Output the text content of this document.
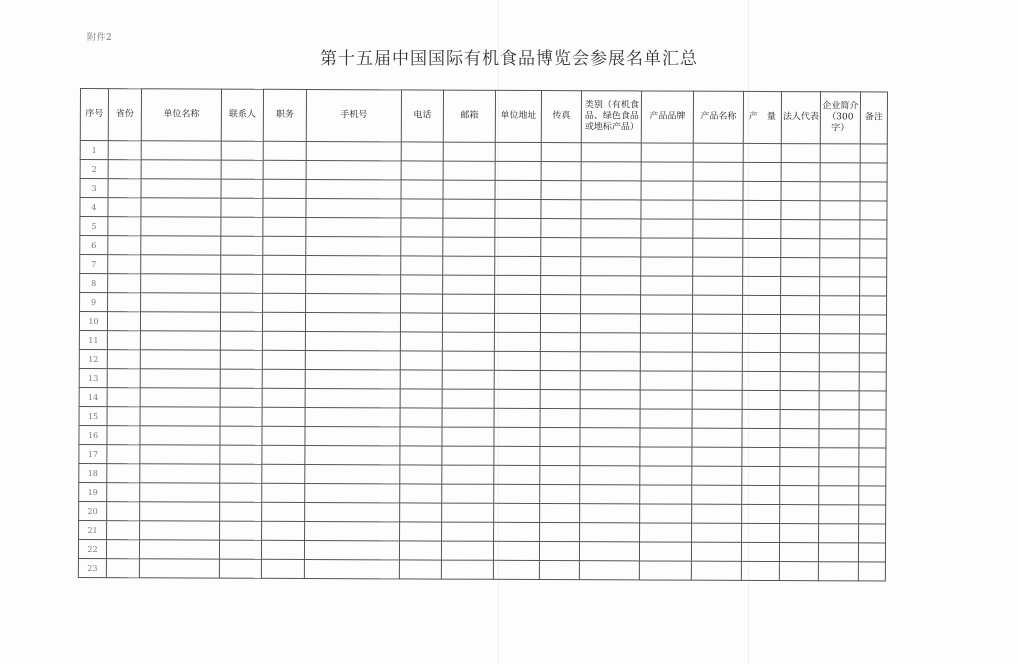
附件2
第十五届中国国际有机食品博览会参展名单汇总
序号	省份	单位名称	联系人	职务	手机号	电话	邮箱	单位地址	传真	类别（有机食品、绿色食品或地标产品）	产品品牌	产品名称	产　量	法人代表	企业简介（300字）	备注
1																
2																
3																
4																
5																
6																
7																
8																
9																
10																
11																
12																
13																
14																
15																
16																
17																
18																
19																
20																
21																
22																
23																
